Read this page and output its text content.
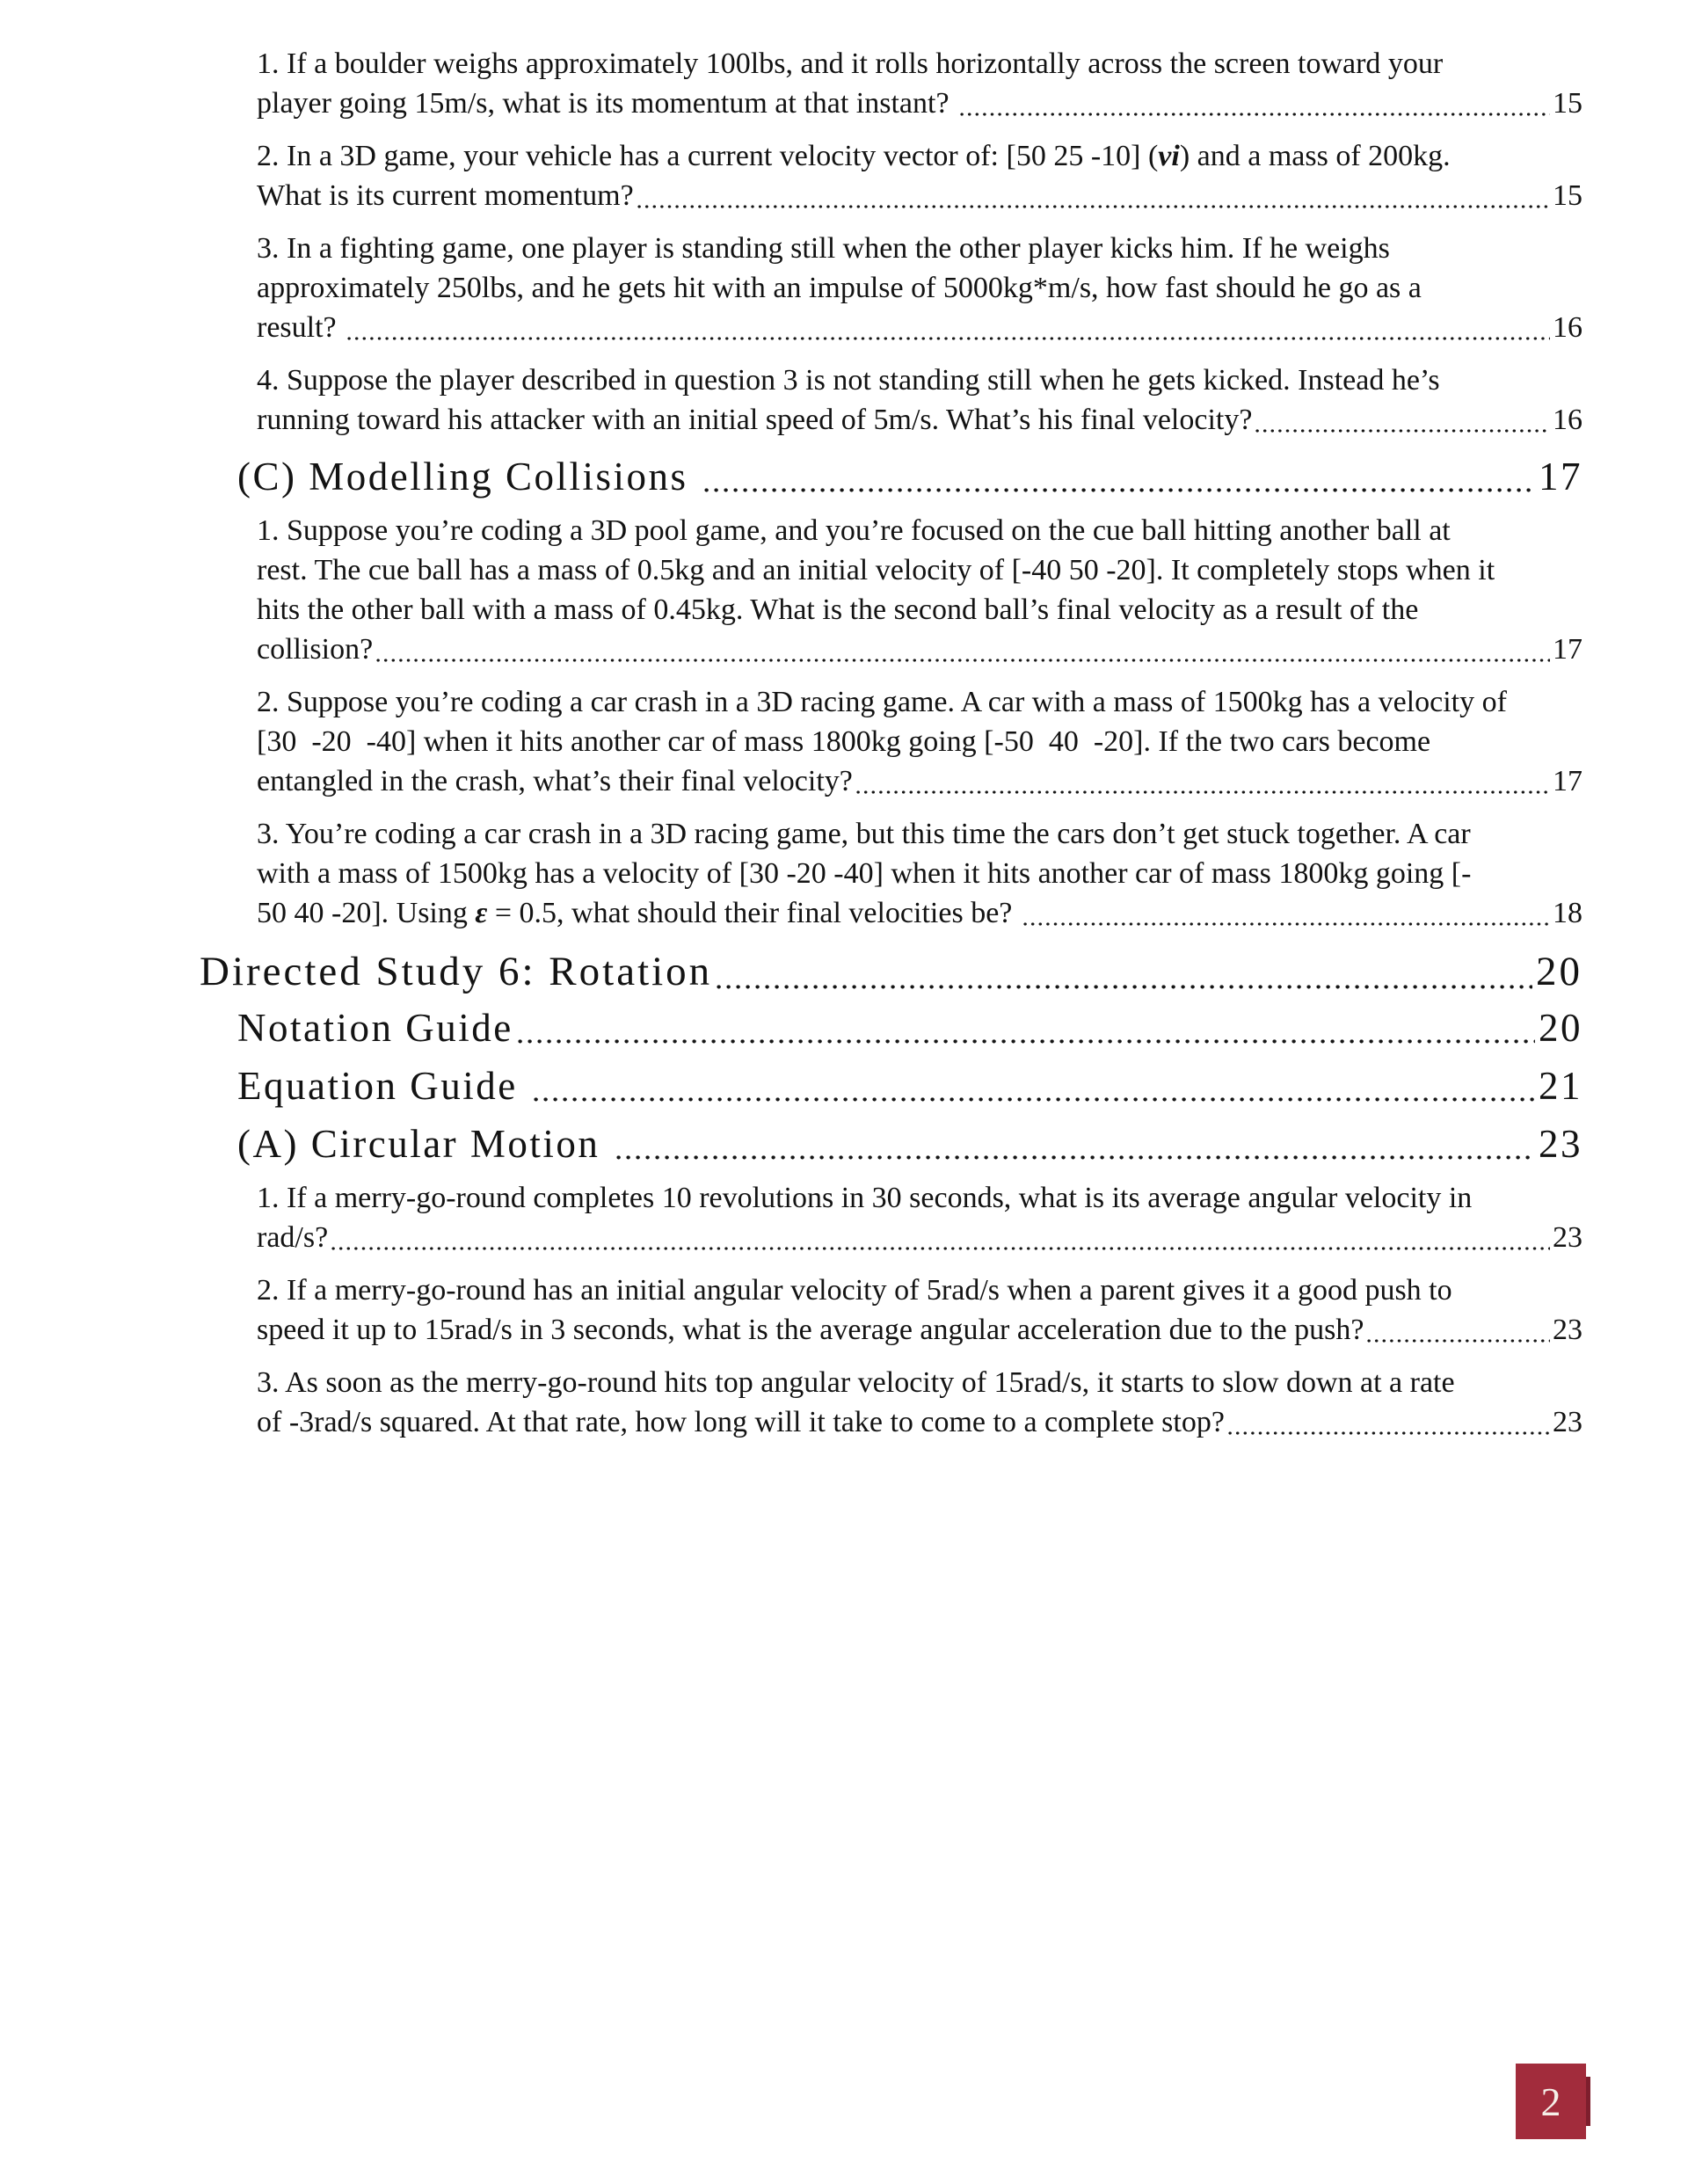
1. If a boulder weighs approximately 100lbs, and it rolls horizontally across the screen toward your
player going 15m/s, what is its momentum at that instant?	15
2. In a 3D game, your vehicle has a current velocity vector of: [50 25 -10] (vi) and a mass of 200kg.
What is its current momentum?	15
3. In a fighting game, one player is standing still when the other player kicks him. If he weighs
approximately 250lbs, and he gets hit with an impulse of 5000kg*m/s, how fast should he go as a
result?	16
4. Suppose the player described in question 3 is not standing still when he gets kicked. Instead he’s
running toward his attacker with an initial speed of 5m/s. What’s his final velocity?	16
(C) Modelling Collisions	17
1. Suppose you’re coding a 3D pool game, and you’re focused on the cue ball hitting another ball at
rest. The cue ball has a mass of 0.5kg and an initial velocity of [-40 50 -20]. It completely stops when it
hits the other ball with a mass of 0.45kg. What is the second ball’s final velocity as a result of the
collision?	17
2. Suppose you’re coding a car crash in a 3D racing game. A car with a mass of 1500kg has a velocity of
[30  -20  -40] when it hits another car of mass 1800kg going [-50  40  -20]. If the two cars become
entangled in the crash, what’s their final velocity?	17
3. You’re coding a car crash in a 3D racing game, but this time the cars don’t get stuck together. A car
with a mass of 1500kg has a velocity of [30 -20 -40] when it hits another car of mass 1800kg going [-
50 40 -20]. Using ε = 0.5, what should their final velocities be?	18
Directed Study 6: Rotation	20
Notation Guide	20
Equation Guide	21
(A) Circular Motion	23
1. If a merry-go-round completes 10 revolutions in 30 seconds, what is its average angular velocity in
rad/s?	23
2. If a merry-go-round has an initial angular velocity of 5rad/s when a parent gives it a good push to
speed it up to 15rad/s in 3 seconds, what is the average angular acceleration due to the push?	23
3. As soon as the merry-go-round hits top angular velocity of 15rad/s, it starts to slow down at a rate
of -3rad/s squared. At that rate, how long will it take to come to a complete stop?	23
2
